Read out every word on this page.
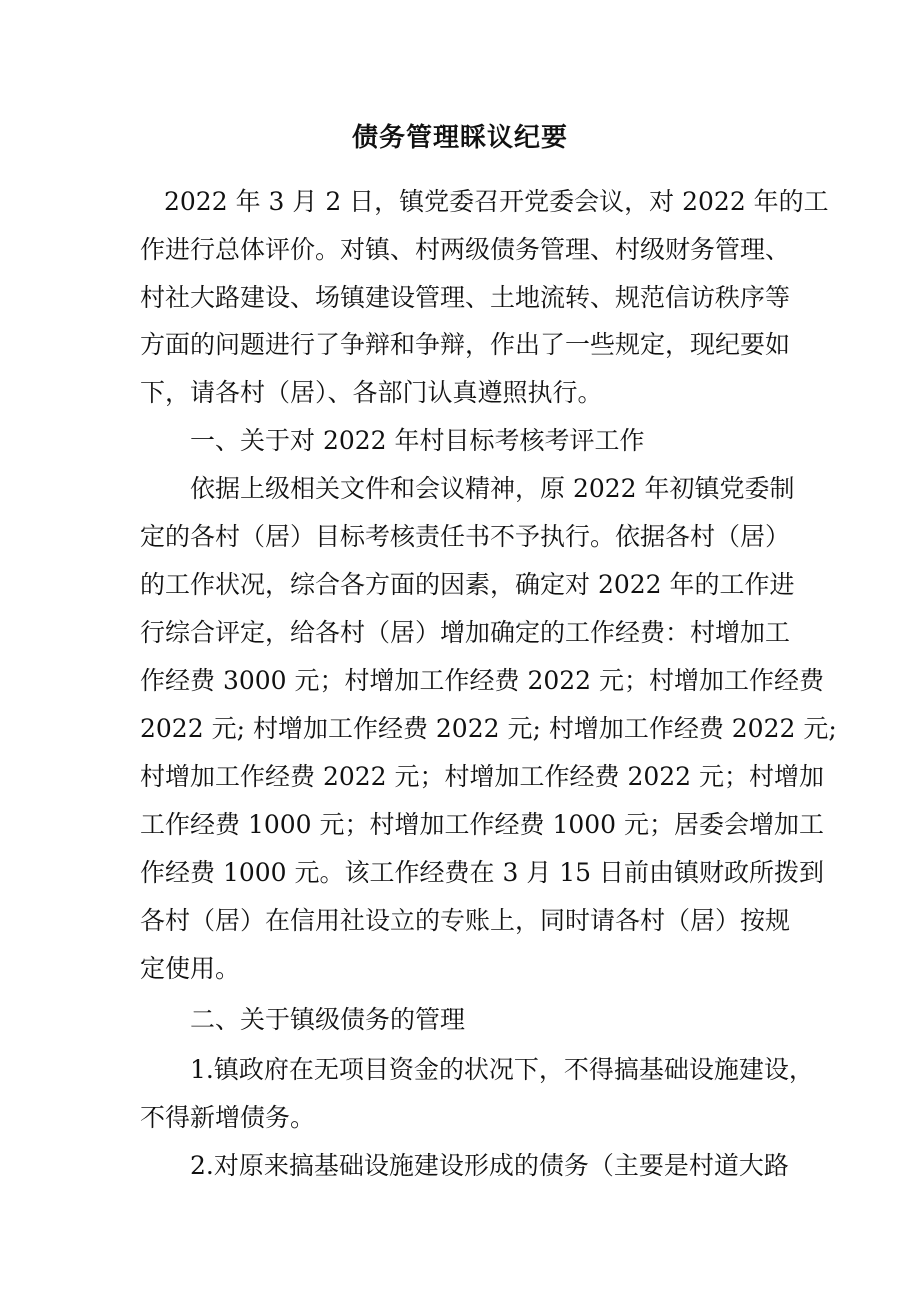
债务管理睬议纪要
2022 年 3 月 2 日，镇党委召开党委会议，对 2022 年的工
作进行总体评价。对镇、村两级债务管理、村级财务管理、
村社大路建设、场镇建设管理、土地流转、规范信访秩序等
方面的问题进行了争辩和争辩，作出了一些规定，现纪要如
下，请各村（居）、各部门认真遵照执行。
一、关于对 2022 年村目标考核考评工作
依据上级相关文件和会议精神，原 2022 年初镇党委制
定的各村（居）目标考核责任书不予执行。依据各村（居）
的工作状况，综合各方面的因素，确定对 2022 年的工作进
行综合评定，给各村（居）增加确定的工作经费：村增加工
作经费 3000 元；村增加工作经费 2022 元；村增加工作经费
2022 元; 村增加工作经费 2022 元; 村增加工作经费 2022 元;
村增加工作经费 2022 元；村增加工作经费 2022 元；村增加
工作经费 1000 元；村增加工作经费 1000 元；居委会增加工
作经费 1000 元。该工作经费在 3 月 15 日前由镇财政所拨到
各村（居）在信用社设立的专账上，同时请各村（居）按规
定使用。
二、关于镇级债务的管理
1.镇政府在无项目资金的状况下，不得搞基础设施建设，
不得新增债务。
2.对原来搞基础设施建设形成的债务（主要是村道大路
